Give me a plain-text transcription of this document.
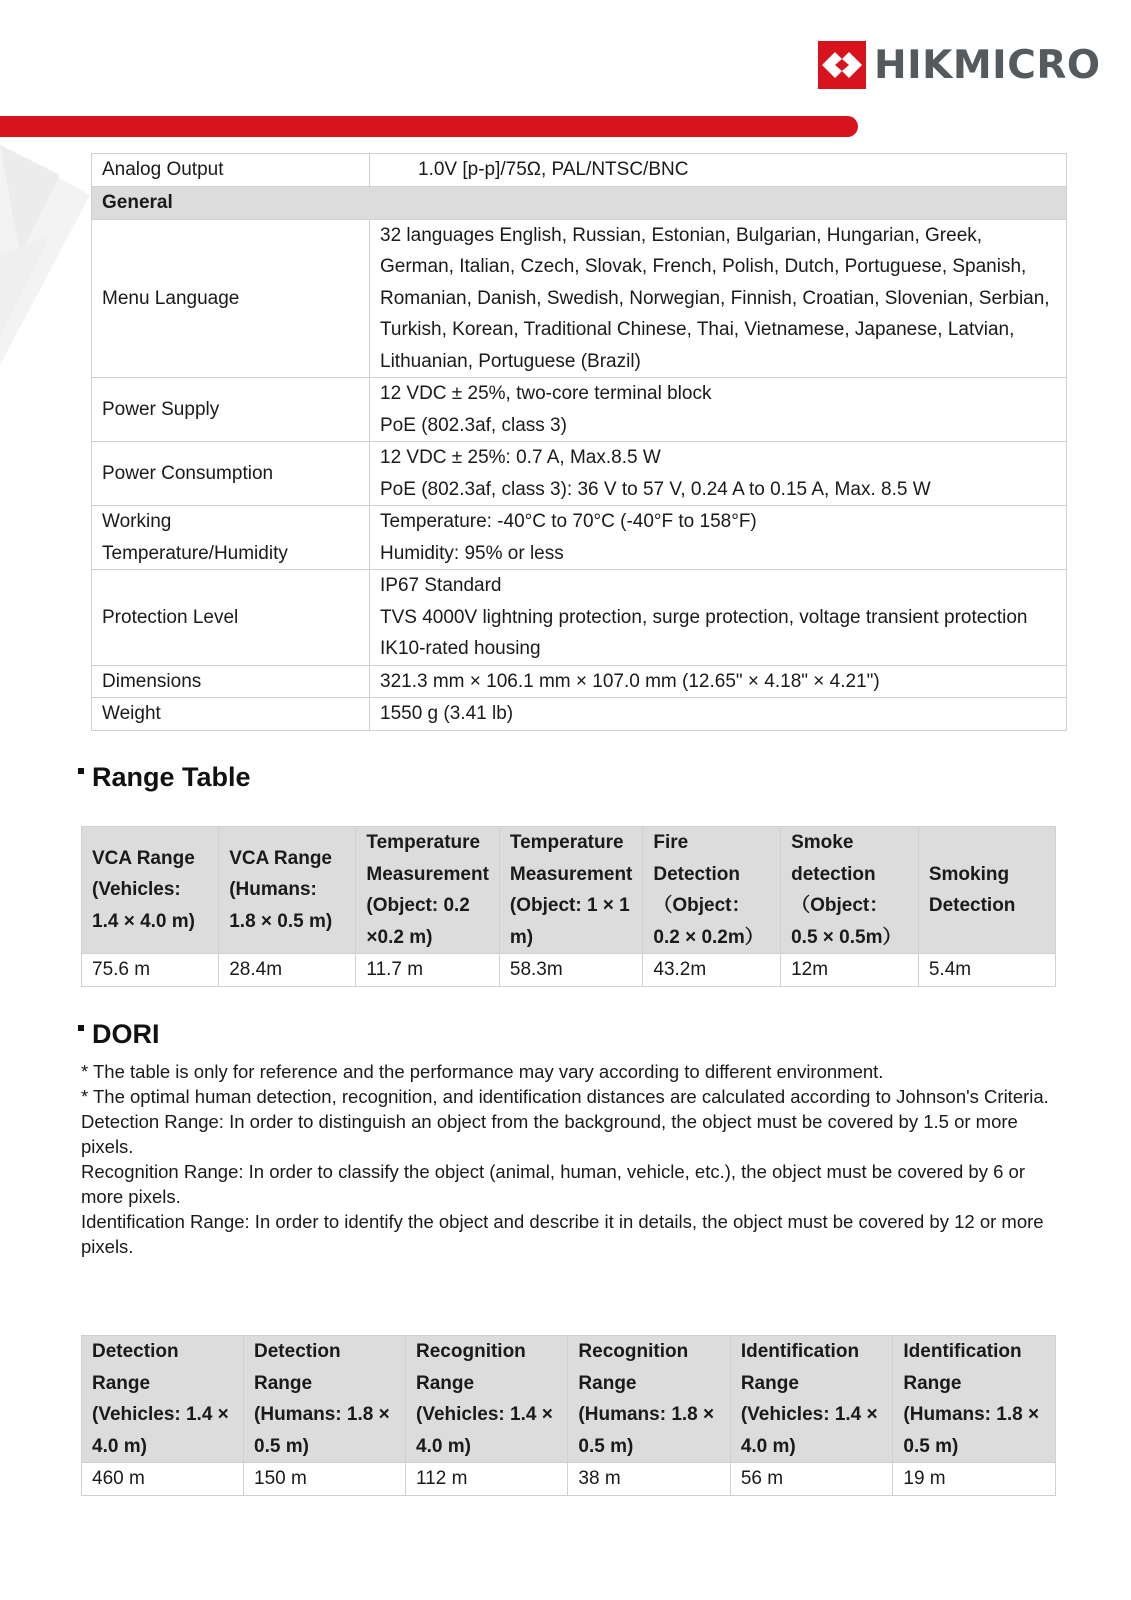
HIKMICRO
Analog Output	1.0V [p-p]/75Ω, PAL/NTSC/BNC
General	
Menu Language	32 languages English, Russian, Estonian, Bulgarian, Hungarian, Greek, German, Italian, Czech, Slovak, French, Polish, Dutch, Portuguese, Spanish, Romanian, Danish, Swedish, Norwegian, Finnish, Croatian, Slovenian, Serbian, Turkish, Korean, Traditional Chinese, Thai, Vietnamese, Japanese, Latvian, Lithuanian, Portuguese (Brazil)
Power Supply	12 VDC ± 25%, two-core terminal block
PoE (802.3af, class 3)

Power Consumption	12 VDC ± 25%: 0.7 A, Max.8.5 W
PoE (802.3af, class 3): 36 V to 57 V, 0.24 A to 0.15 A, Max. 8.5 W

Working Temperature/Humidity	Temperature: -40°C to 70°C (-40°F to 158°F)
Humidity: 95% or less

Protection Level	IP67 Standard
TVS 4000V lightning protection, surge protection, voltage transient protection
IK10-rated housing

Dimensions	321.3 mm × 106.1 mm × 107.0 mm (12.65" × 4.18" × 4.21")
Weight	1550 g (3.41 lb)
Range Table
VCA Range (Vehicles: 1.4 × 4.0 m)	VCA Range (Humans: 1.8 × 0.5 m)	Temperature Measurement (Object: 0.2 ×0.2 m)	Temperature Measurement (Object: 1 × 1 m)	Fire Detection （Object：0.2 × 0.2m）	Smoke detection （Object：0.5 × 0.5m）	Smoking Detection
75.6 m	28.4m	11.7 m	58.3m	43.2m	12m	5.4m
DORI

* The table is only for reference and the performance may vary according to different environment.

* The optimal human detection, recognition, and identification distances are calculated according to Johnson's Criteria.

Detection Range: In order to distinguish an object from the background, the object must be covered by 1.5 or more pixels.

Recognition Range: In order to classify the object (animal, human, vehicle, etc.), the object must be covered by 6 or more pixels.

Identification Range: In order to identify the object and describe it in details, the object must be covered by 12 or more pixels.

Detection Range (Vehicles: 1.4 × 4.0 m)	Detection Range (Humans: 1.8 × 0.5 m)	Recognition Range (Vehicles: 1.4 × 4.0 m)	Recognition Range (Humans: 1.8 × 0.5 m)	Identification Range (Vehicles: 1.4 × 4.0 m)	Identification Range (Humans: 1.8 × 0.5 m)
460 m	150 m	112 m	38 m	56 m	19 m
